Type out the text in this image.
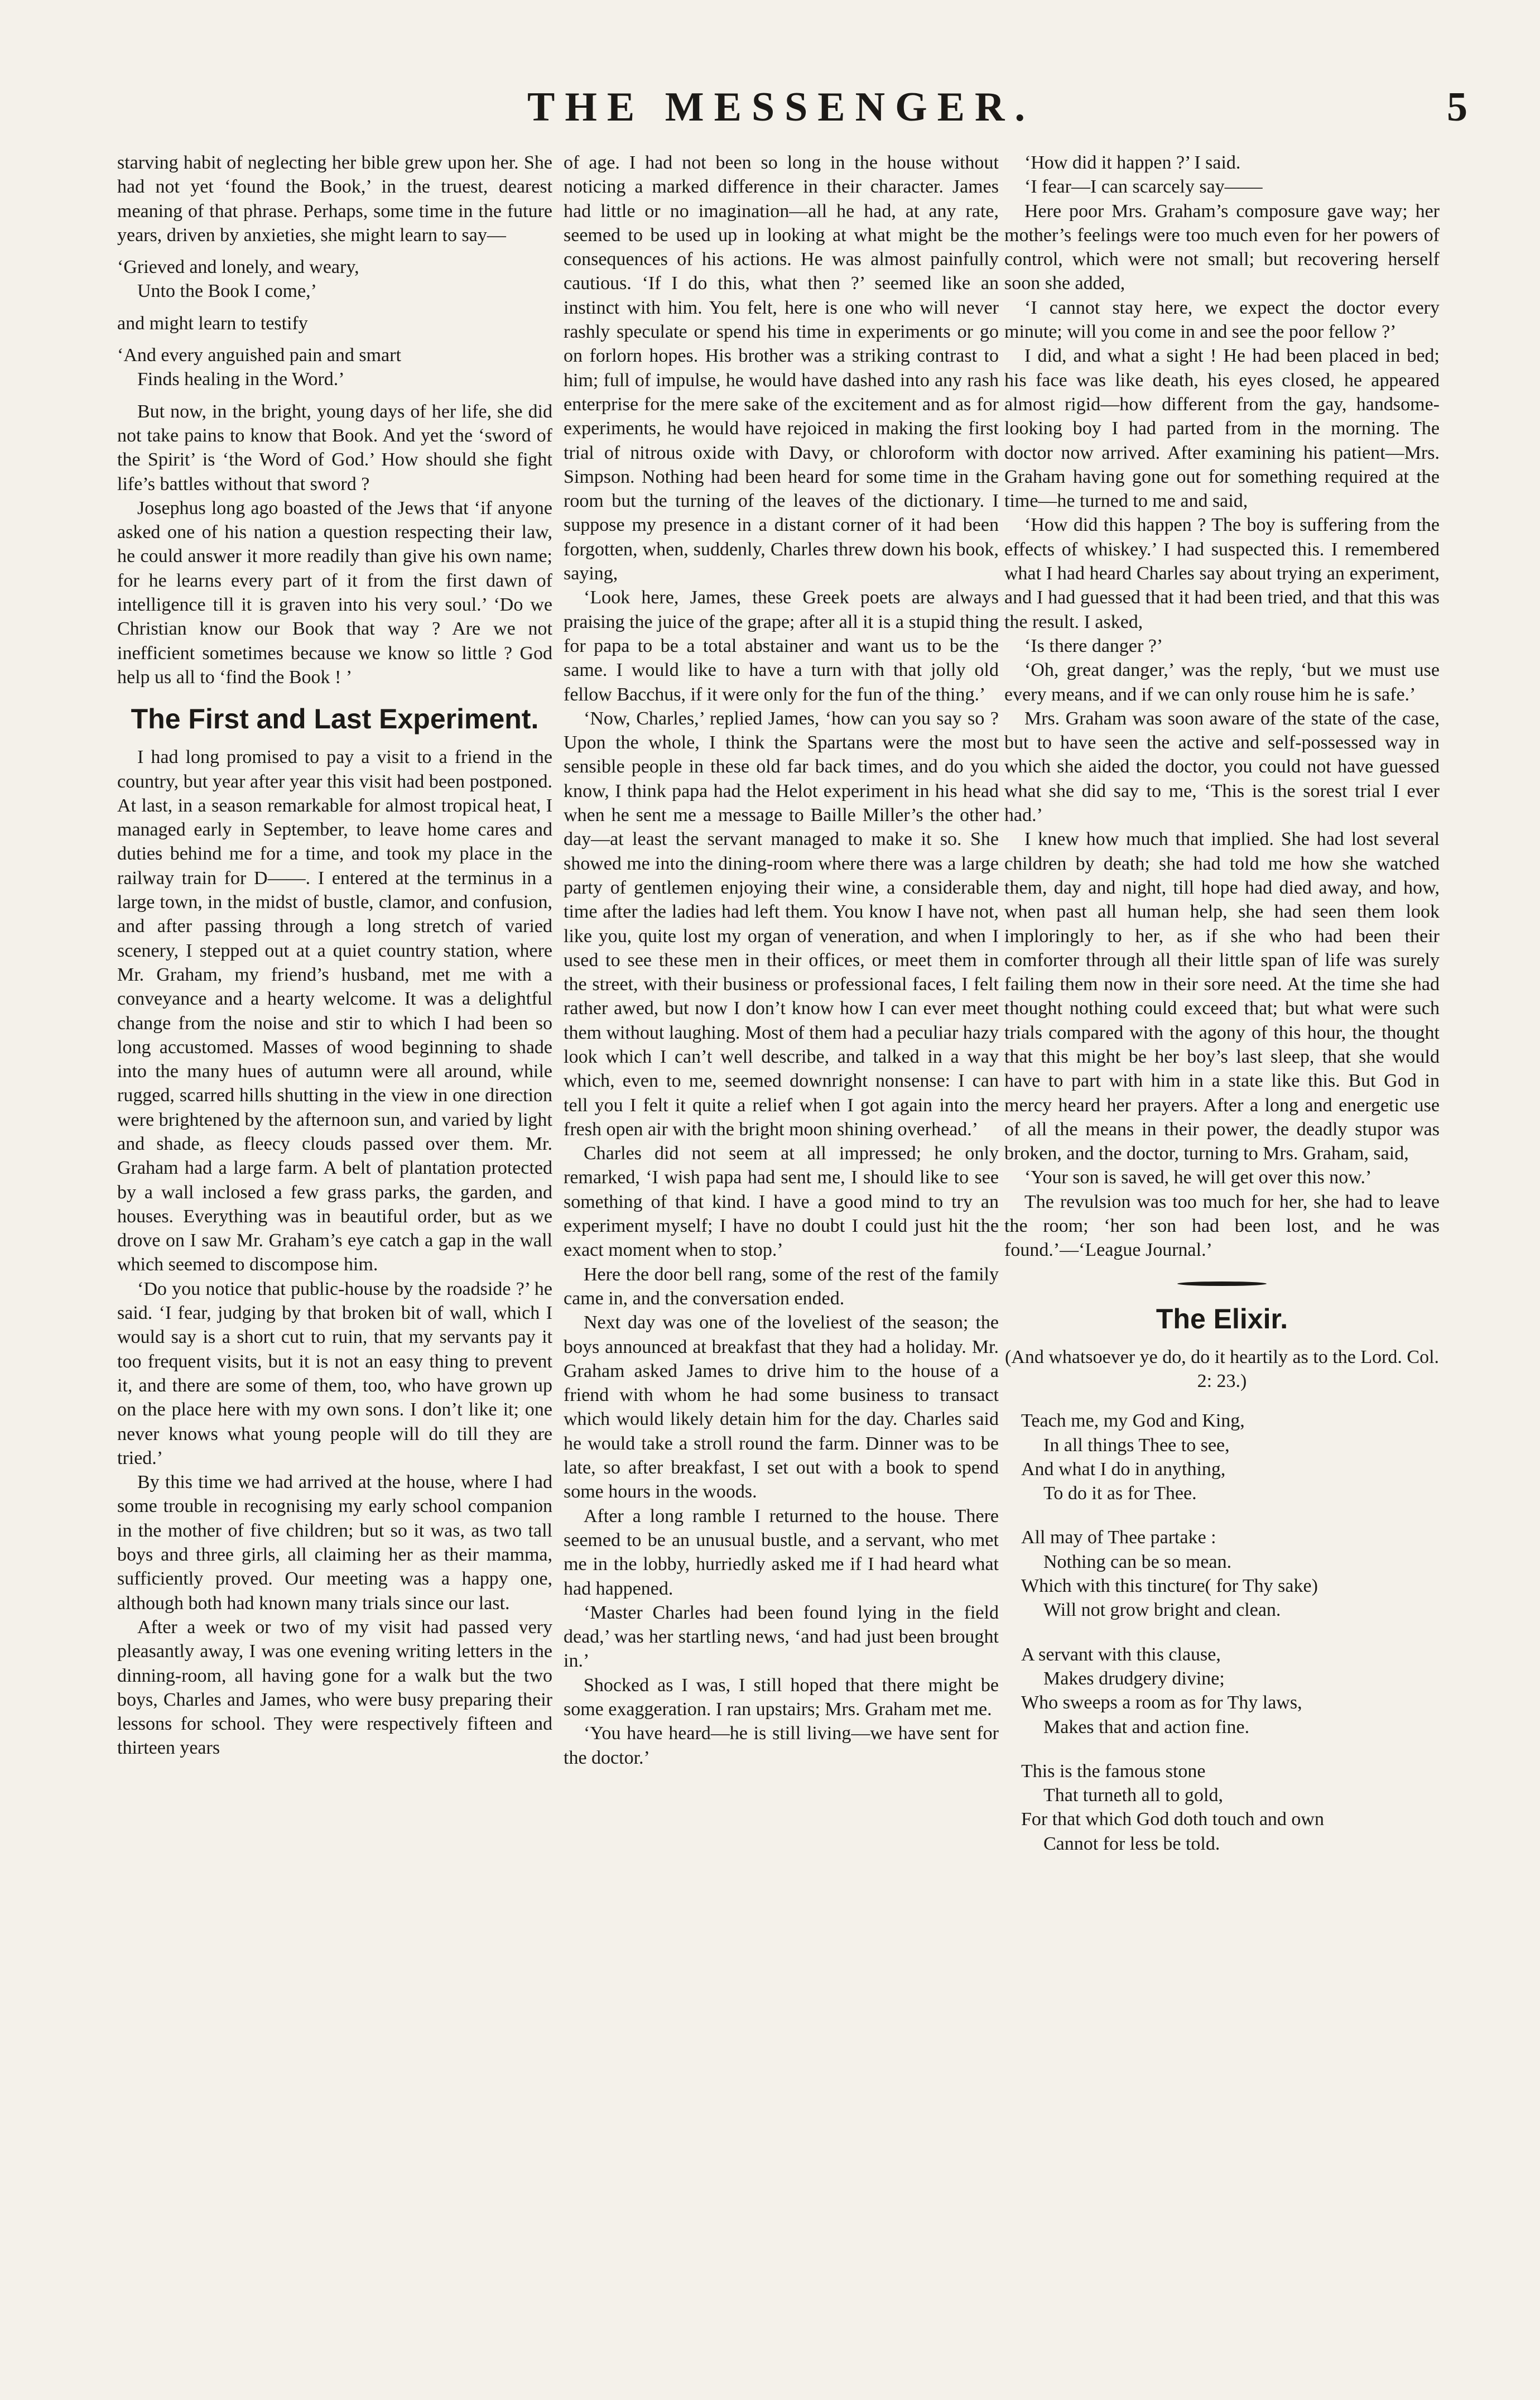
THE MESSENGER.	5

starving habit of neglecting her bible grew upon her. She had not yet ‘found the Book,’ in the truest, dearest meaning of that phrase. Perhaps, some time in the future years, driven by anxieties, she might learn to say—

‘Grieved and lonely, and weary,
Unto the Book I come,’

and might learn to testify

‘And every anguished pain and smart
Finds healing in the Word.’

But now, in the bright, young days of her life, she did not take pains to know that Book. And yet the ‘sword of the Spirit’ is ‘the Word of God.’ How should she fight life’s battles without that sword ?

Josephus long ago boasted of the Jews that ‘if anyone asked one of his nation a question respecting their law, he could answer it more readily than give his own name; for he learns every part of it from the first dawn of intelligence till it is graven into his very soul.’ ‘Do we Christian know our Book that way ? Are we not inefficient sometimes because we know so little ? God help us all to ‘find the Book ! ’

The First and Last Experiment.

I had long promised to pay a visit to a friend in the country, but year after year this visit had been postponed. At last, in a season remarkable for almost tropical heat, I managed early in September, to leave home cares and duties behind me for a time, and took my place in the railway train for D——. I entered at the terminus in a large town, in the midst of bustle, clamor, and confusion, and after passing through a long stretch of varied scenery, I stepped out at a quiet country station, where Mr. Graham, my friend’s husband, met me with a conveyance and a hearty welcome. It was a delightful change from the noise and stir to which I had been so long accustomed. Masses of wood beginning to shade into the many hues of autumn were all around, while rugged, scarred hills shutting in the view in one direction were brightened by the afternoon sun, and varied by light and shade, as fleecy clouds passed over them. Mr. Graham had a large farm. A belt of plantation protected by a wall inclosed a few grass parks, the garden, and houses. Everything was in beautiful order, but as we drove on I saw Mr. Graham’s eye catch a gap in the wall which seemed to discompose him.

‘Do you notice that public-house by the roadside ?’ he said. ‘I fear, judging by that broken bit of wall, which I would say is a short cut to ruin, that my servants pay it too frequent visits, but it is not an easy thing to prevent it, and there are some of them, too, who have grown up on the place here with my own sons. I don’t like it; one never knows what young people will do till they are tried.’

By this time we had arrived at the house, where I had some trouble in recognising my early school companion in the mother of five children; but so it was, as two tall boys and three girls, all claiming her as their mamma, sufficiently proved. Our meeting was a happy one, although both had known many trials since our last.

After a week or two of my visit had passed very pleasantly away, I was one evening writing letters in the dinning-room, all having gone for a walk but the two boys, Charles and James, who were busy preparing their lessons for school. They were respectively fifteen and thirteen years

of age. I had not been so long in the house without noticing a marked difference in their character. James had little or no imagination—all he had, at any rate, seemed to be used up in looking at what might be the consequences of his actions. He was almost painfully cautious. ‘If I do this, what then ?’ seemed like an instinct with him. You felt, here is one who will never rashly speculate or spend his time in experiments or go on forlorn hopes. His brother was a striking contrast to him; full of impulse, he would have dashed into any rash enterprise for the mere sake of the excitement and as for experiments, he would have rejoiced in making the first trial of nitrous oxide with Davy, or chloroform with Simpson. Nothing had been heard for some time in the room but the turning of the leaves of the dictionary. I suppose my presence in a distant corner of it had been forgotten, when, suddenly, Charles threw down his book, saying,

‘Look here, James, these Greek poets are always praising the juice of the grape; after all it is a stupid thing for papa to be a total abstainer and want us to be the same. I would like to have a turn with that jolly old fellow Bacchus, if it were only for the fun of the thing.’

‘Now, Charles,’ replied James, ‘how can you say so ? Upon the whole, I think the Spartans were the most sensible people in these old far back times, and do you know, I think papa had the Helot experiment in his head when he sent me a message to Baille Miller’s the other day—at least the servant managed to make it so. She showed me into the dining-room where there was a large party of gentlemen enjoying their wine, a considerable time after the ladies had left them. You know I have not, like you, quite lost my organ of veneration, and when I used to see these men in their offices, or meet them in the street, with their business or professional faces, I felt rather awed, but now I don’t know how I can ever meet them without laughing. Most of them had a peculiar hazy look which I can’t well describe, and talked in a way which, even to me, seemed downright nonsense: I can tell you I felt it quite a relief when I got again into the fresh open air with the bright moon shining overhead.’

Charles did not seem at all impressed; he only remarked, ‘I wish papa had sent me, I should like to see something of that kind. I have a good mind to try an experiment myself; I have no doubt I could just hit the exact moment when to stop.’

Here the door bell rang, some of the rest of the family came in, and the conversation ended.

Next day was one of the loveliest of the season; the boys announced at breakfast that they had a holiday. Mr. Graham asked James to drive him to the house of a friend with whom he had some business to transact which would likely detain him for the day. Charles said he would take a stroll round the farm. Dinner was to be late, so after breakfast, I set out with a book to spend some hours in the woods.

After a long ramble I returned to the house. There seemed to be an unusual bustle, and a servant, who met me in the lobby, hurriedly asked me if I had heard what had happened.

‘Master Charles had been found lying in the field dead,’ was her startling news, ‘and had just been brought in.’

Shocked as I was, I still hoped that there might be some exaggeration. I ran upstairs; Mrs. Graham met me.

‘You have heard—he is still living—we have sent for the doctor.’

‘How did it happen ?’ I said.

‘I fear—I can scarcely say——

Here poor Mrs. Graham’s composure gave way; her mother’s feelings were too much even for her powers of control, which were not small; but recovering herself soon she added,

‘I cannot stay here, we expect the doctor every minute; will you come in and see the poor fellow ?’

I did, and what a sight ! He had been placed in bed; his face was like death, his eyes closed, he appeared almost rigid—how different from the gay, handsome-looking boy I had parted from in the morning. The doctor now arrived. After examining his patient—Mrs. Graham having gone out for something required at the time—he turned to me and said,

‘How did this happen ? The boy is suffering from the effects of whiskey.’ I had suspected this. I remembered what I had heard Charles say about trying an experiment, and I had guessed that it had been tried, and that this was the result. I asked,

‘Is there danger ?’

‘Oh, great danger,’ was the reply, ‘but we must use every means, and if we can only rouse him he is safe.’

Mrs. Graham was soon aware of the state of the case, but to have seen the active and self-possessed way in which she aided the doctor, you could not have guessed what she did say to me, ‘This is the sorest trial I ever had.’

I knew how much that implied. She had lost several children by death; she had told me how she watched them, day and night, till hope had died away, and how, when past all human help, she had seen them look imploringly to her, as if she who had been their comforter through all their little span of life was surely failing them now in their sore need. At the time she had thought nothing could exceed that; but what were such trials compared with the agony of this hour, the thought that this might be her boy’s last sleep, that she would have to part with him in a state like this. But God in mercy heard her prayers. After a long and energetic use of all the means in their power, the deadly stupor was broken, and the doctor, turning to Mrs. Graham, said,

‘Your son is saved, he will get over this now.’

The revulsion was too much for her, she had to leave the room; ‘her son had been lost, and he was found.’—‘League Journal.’

The Elixir.

(And whatsoever ye do, do it heartily as to the Lord. Col. 2: 23.)

Teach me, my God and King,
In all things Thee to see,
And what I do in anything,
To do it as for Thee.
All may of Thee partake :
Nothing can be so mean.
Which with this tincture( for Thy sake)
Will not grow bright and clean.
A servant with this clause,
Makes drudgery divine;
Who sweeps a room as for Thy laws,
Makes that and action fine.
This is the famous stone
That turneth all to gold,
For that which God doth touch and own
Cannot for less be told.
